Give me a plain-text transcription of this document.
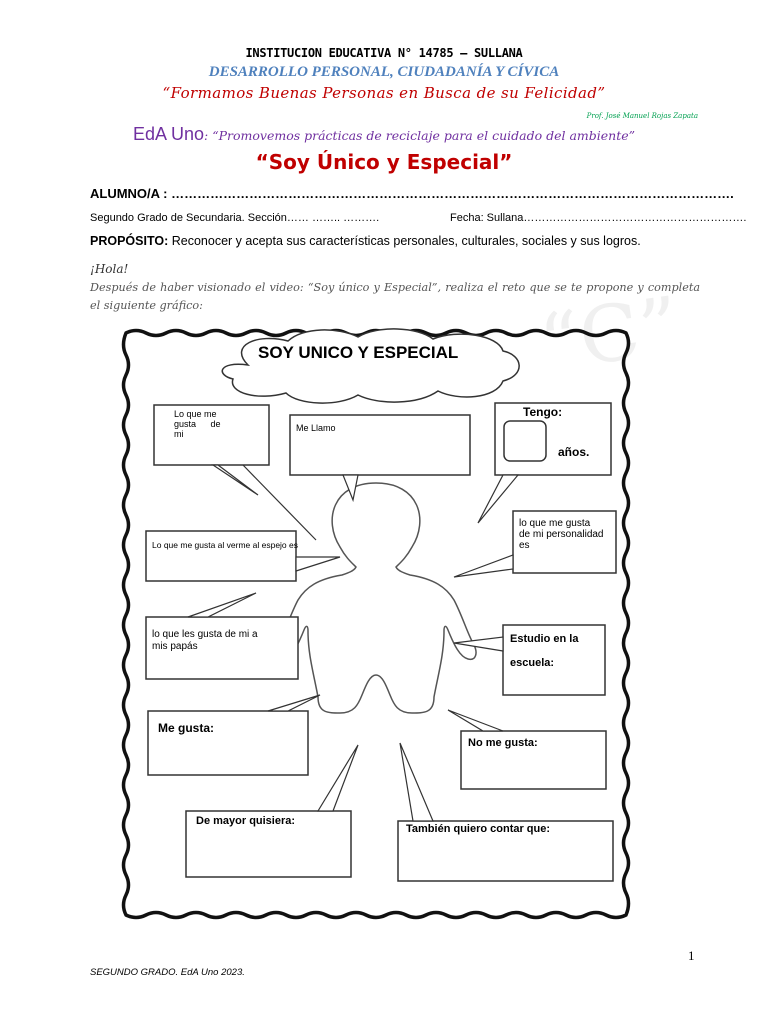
INSTITUCION EDUCATIVA N° 14785 – SULLANA
DESARROLLO PERSONAL, CIUDADANÍA Y CÍVICA
“Formamos Buenas Personas en Busca de su Felicidad”
Prof. José Manuel Rojas Zapata
EdA Uno: “Promovemos prácticas de reciclaje para el cuidado del ambiente”
“Soy Único y Especial”
ALUMNO/A : ………………………………………………………………………………………………………………….
Segundo Grado de Secundaria. Sección…… …….. ……….	Fecha: Sullana…………………………………………………….
PROPÓSITO: Reconocer y acepta sus características personales, culturales, sociales y sus logros.
¡Hola!
Después de haber visionado el video: “Soy único y Especial”, realiza el reto que se te propone y completa el siguiente gráfico:	“C”
SOY UNICO Y ESPECIAL
Lo que me
gusta de
mi
Me Llamo
Tengo:
años.
Lo que me gusta al verme al espejo es
lo que me gusta
de mi personalidad
es
lo que les gusta de mi a
mis papás
Estudio en la
escuela:
Me gusta:
No me gusta:
De mayor quisiera:
También quiero contar que:
1
SEGUNDO GRADO. EdA Uno 2023.
